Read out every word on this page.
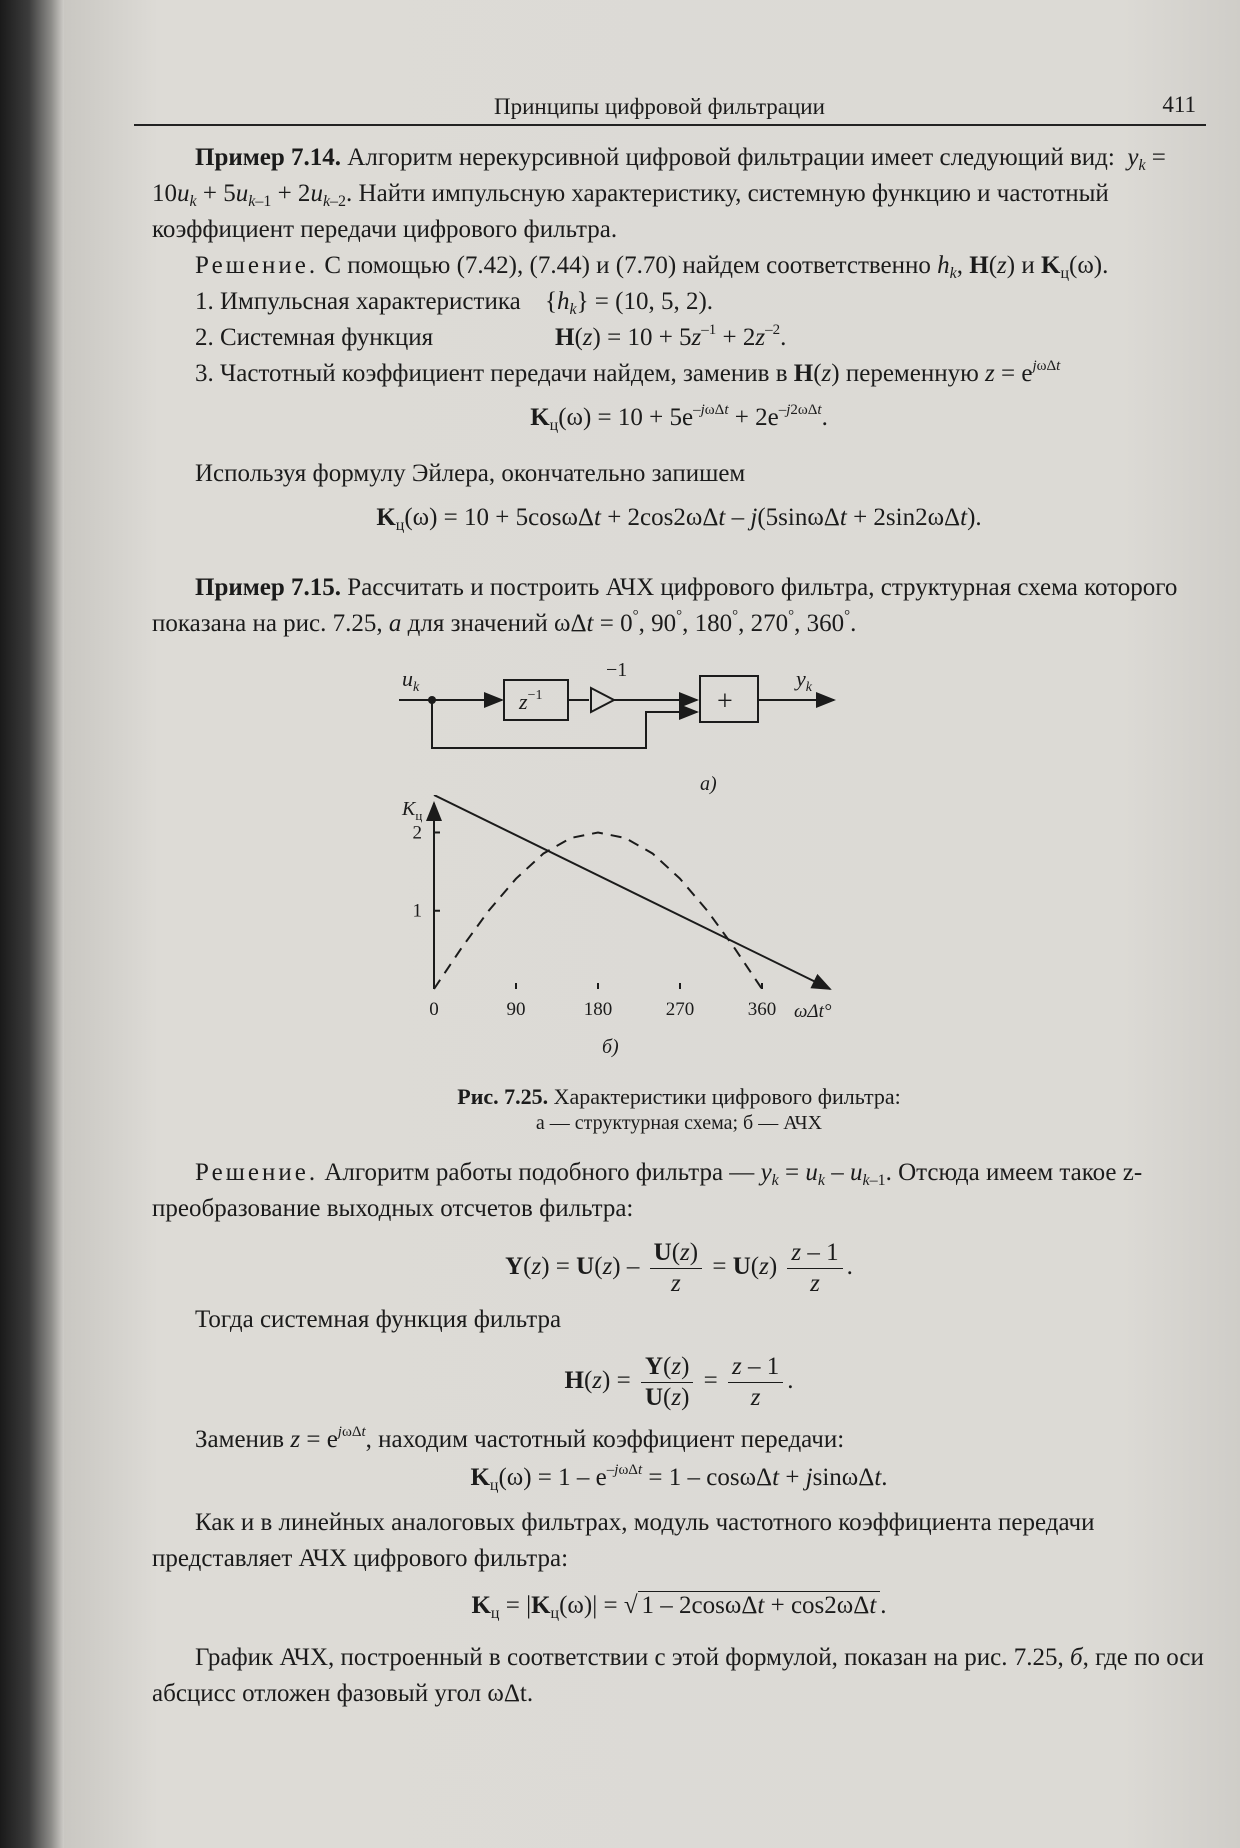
Принципы цифровой фильтрации	411
Пример 7.14. Алгоритм нерекурсивной цифровой фильтрации имеет следующий вид: $y_k = 10u_k + 5u_{k-1} + 2u_{k-2}$. Найти импульсную характеристику, системную функцию и частотный коэффициент передачи цифрового фильтра.
Решение. С помощью (7.42), (7.44) и (7.70) найдем соответственно $h_k$, H(z) и $K_ц(\omega)$.
1. Импульсная характеристика $\{h_k\} = (10$, 5, 2).
2. Системная функция	$H(z) = 10 + 5z^{-1} + 2z^{-2}$.
3. Частотный коэффициент передачи найдем, заменив в H(z) переменную $z = e^{j\omega\Delta t}$
$K_ц(\omega) = 10 + 5e^{-j\omega\Delta t} + 2e^{-j2\omega\Delta t}$.
Используя формулу Эйлера, окончательно запишем
$K_ц(\omega) = 10 + 5\cos\omega\Delta t + 2\cos 2\omega\Delta t - j(5\sin\omega\Delta t + 2\sin 2\omega\Delta t)$.
Пример 7.15. Рассчитать и построить АЧХ цифрового фильтра, структурная схема которого показана на рис. 7.25, а для значений ωΔt = 0°, 90°, 180°, 270°, 360°.
$u_k$
$z^{-1}$
−1
+
$y_k$
а)
$K_ц$
ωΔt°
0	90	180	270	360
1
2
б)
Рис. 7.25. Характеристики цифрового фильтра:
а — структурная схема; б — АЧХ
Решение. Алгоритм работы подобного фильтра — $y_k = u_k - u_{k-1}$. Отсюда имеем такое z-преобразование выходных отсчетов фильтра:
$Y(z) = U(z) - \frac{U(z)}{z} = U(z) \frac{z - 1}{z}$ .
Тогда системная функция фильтра
$H(z) = \frac{Y(z)}{U(z)} = \frac{z - 1}{z}$ .
Заменив $z = e^{j\omega\Delta t}$, находим частотный коэффициент передачи:
$K_ц(\omega) = 1 - e^{-j\omega\Delta t} = 1 - \cos\omega\Delta t + jsin\omega\Delta t$.
Как и в линейных аналоговых фильтрах, модуль частотного коэффициента передачи представляет АЧХ цифрового фильтра:
$K_ц = |K_ц(\omega)|$ = √ 1 – 2cosωΔt + cos2ωΔt .
График АЧХ, построенный в соответствии с этой формулой, показан на рис. 7.25, б, где по оси абсцисс отложен фазовый угол ωΔt.
